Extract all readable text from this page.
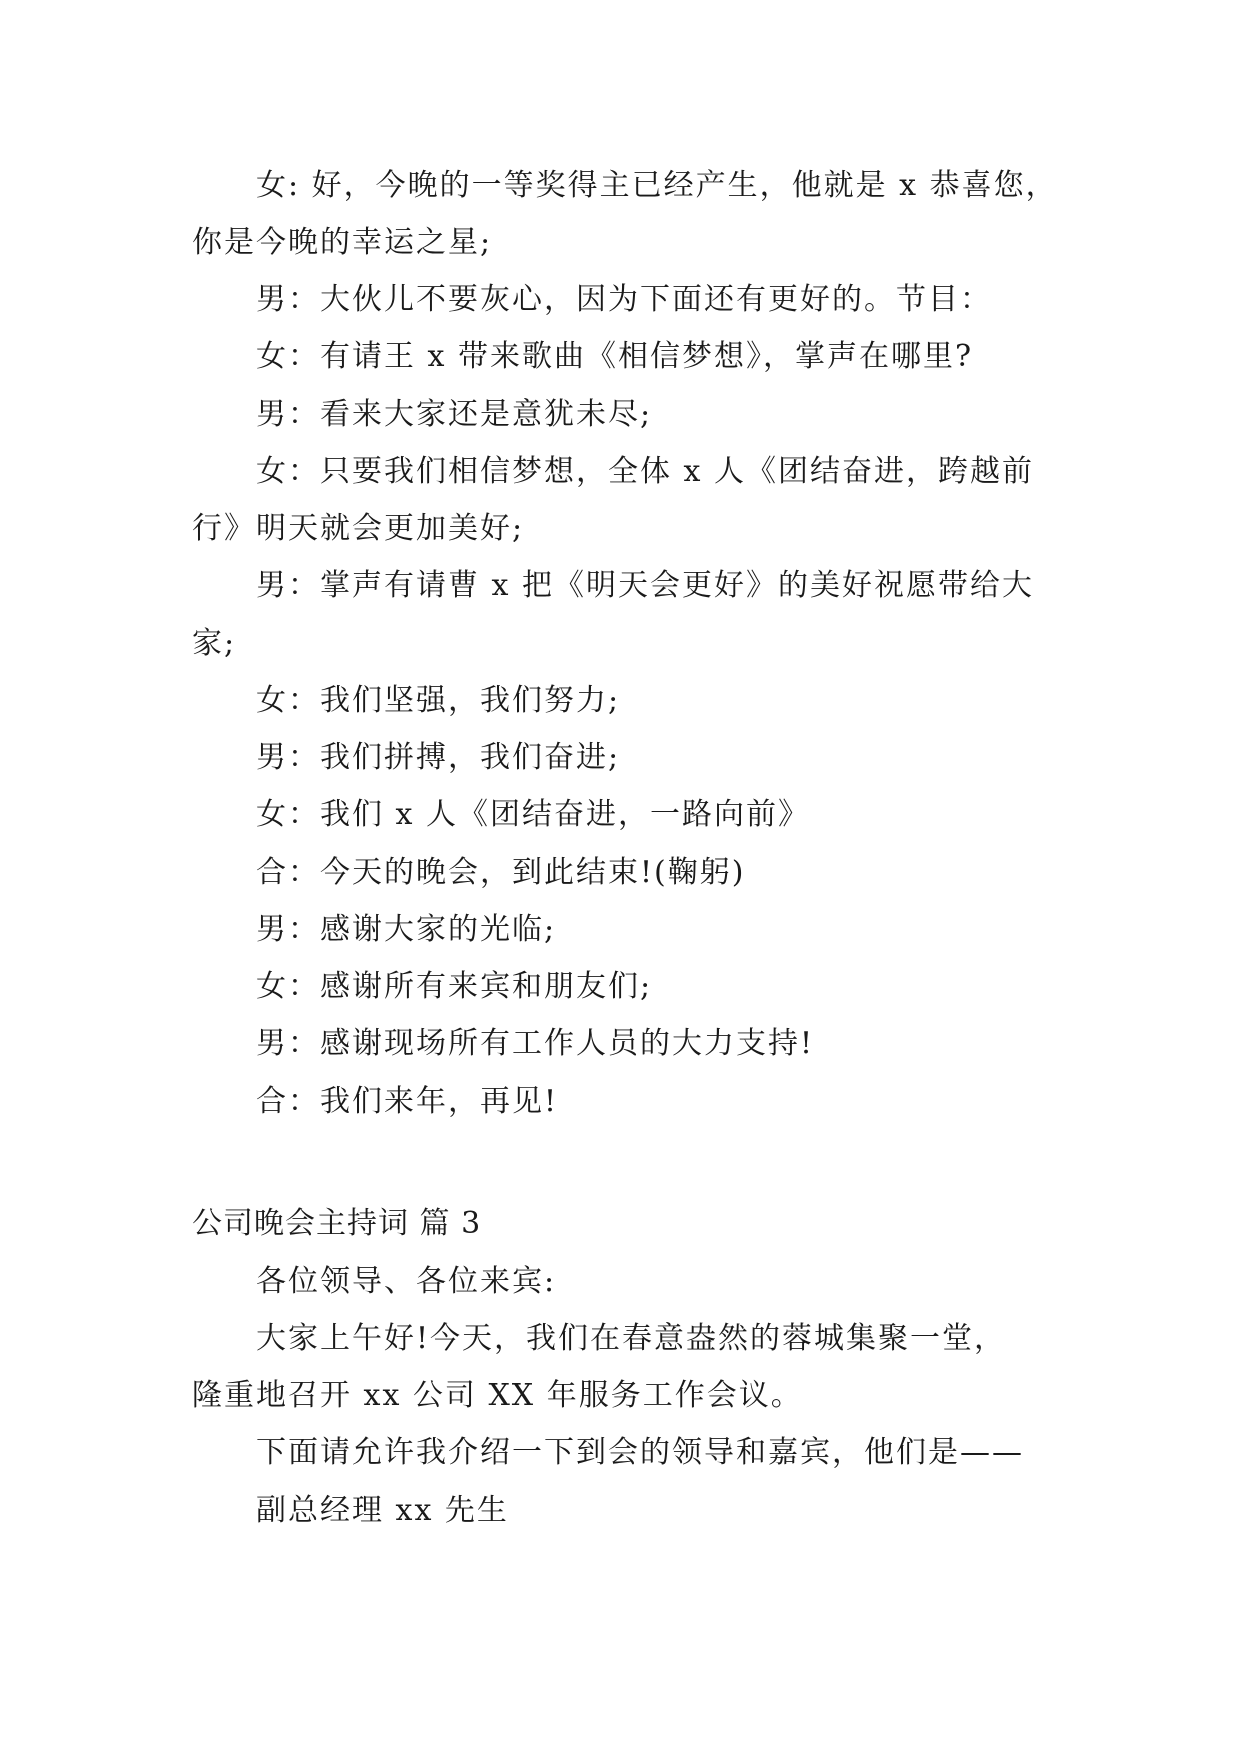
女: 好，今晚的一等奖得主已经产生，他就是 x 恭喜您，
你是今晚的幸运之星;
男：大伙儿不要灰心，因为下面还有更好的。节目：
女：有请王 x 带来歌曲《相信梦想》，掌声在哪里?
男：看来大家还是意犹未尽;
女：只要我们相信梦想，全体 x 人《团结奋进，跨越前
行》明天就会更加美好;
男：掌声有请曹 x 把《明天会更好》的美好祝愿带给大
家;
女：我们坚强，我们努力;
男：我们拼搏，我们奋进;
女：我们 x 人《团结奋进，一路向前》
合：今天的晚会，到此结束!(鞠躬)
男：感谢大家的光临;
女：感谢所有来宾和朋友们;
男：感谢现场所有工作人员的大力支持!
合：我们来年，再见!
公司晚会主持词 篇 3
各位领导、各位来宾:
大家上午好!今天，我们在春意盎然的蓉城集聚一堂，
隆重地召开 xx 公司 XX 年服务工作会议。
下面请允许我介绍一下到会的领导和嘉宾，他们是——
副总经理 xx 先生
